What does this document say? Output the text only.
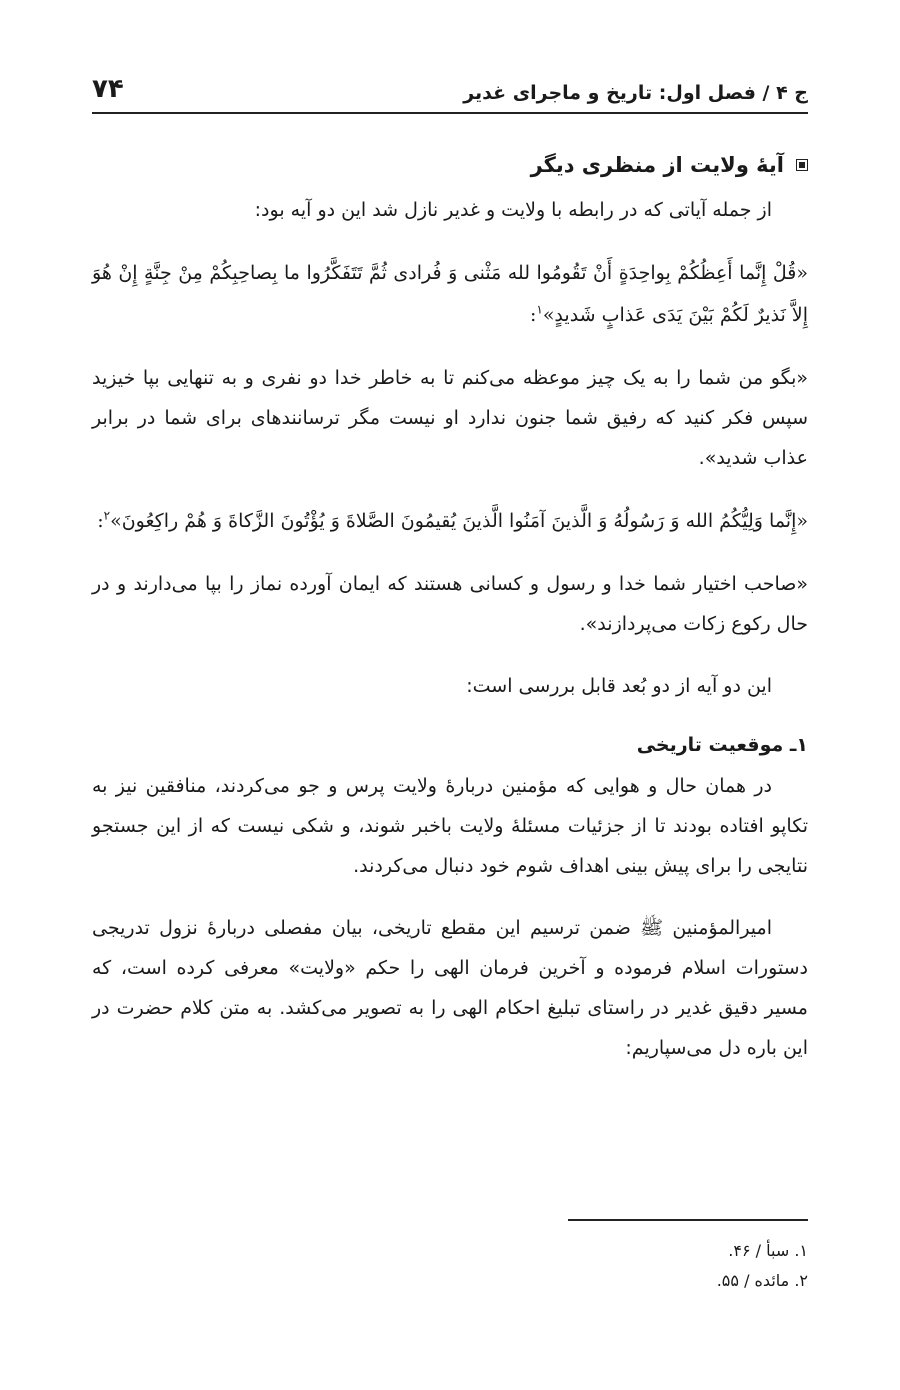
۷۴	ج ۴ / فصل اول: تاریخ و ماجرای غدیر
آیهٔ ولایت از منظری دیگر

از جمله آیاتی که در رابطه با ولایت و غدیر نازل شد این دو آیه بود:

«قُلْ إِنَّما أَعِظُکُمْ بِواحِدَةٍ أَنْ تَقُومُوا لله مَثْنی وَ فُرادی ثُمَّ تَتَفَکَّرُوا ما بِصاحِبِکُمْ مِنْ جِنَّةٍ إِنْ هُوَ إِلاَّ نَذیرٌ لَکُمْ بَیْنَ یَدَی عَذابٍ شَدیدٍ»$^۱$:

«بگو من شما را به یک چیز موعظه می‌کنم تا به خاطر خدا دو نفری و به تنهایی بپا خیزید سپس فکر کنید که رفیق شما جنون ندارد او نیست مگر ترسانندهای برای شما در برابر عذاب شدید».

«إِنَّما وَلِیُّکُمُ الله وَ رَسُولُهُ وَ الَّذینَ آمَنُوا الَّذینَ یُقیمُونَ الصَّلاةَ وَ یُؤْتُونَ الزَّکاةَ وَ هُمْ راکِعُونَ»$^۲$:

«صاحب اختیار شما خدا و رسول و کسانی هستند که ایمان آورده نماز را بپا می‌دارند و در حال رکوع زکات می‌پردازند».

این دو آیه از دو بُعد قابل بررسی است:

۱ـ موقعیت تاریخی

در همان حال و هوایی که مؤمنین دربارهٔ ولایت پرس و جو می‌کردند، منافقین نیز به تکاپو افتاده بودند تا از جزئیات مسئلهٔ ولایت باخبر شوند، و شکی نیست که از این جستجو نتایجی را برای پیش بینی اهداف شوم خود دنبال می‌کردند.

امیرالمؤمنین ﷺ ضمن ترسیم این مقطع تاریخی، بیان مفصلی دربارهٔ نزول تدریجی دستورات اسلام فرموده و آخرین فرمان الهی را حکم «ولایت» معرفی کرده است، که مسیر دقیق غدیر در راستای تبلیغ احکام الهی را به تصویر می‌کشد. به متن کلام حضرت در این باره دل می‌سپاریم:

۱. سبأ / ۴۶.
۲. مائده / ۵۵.
